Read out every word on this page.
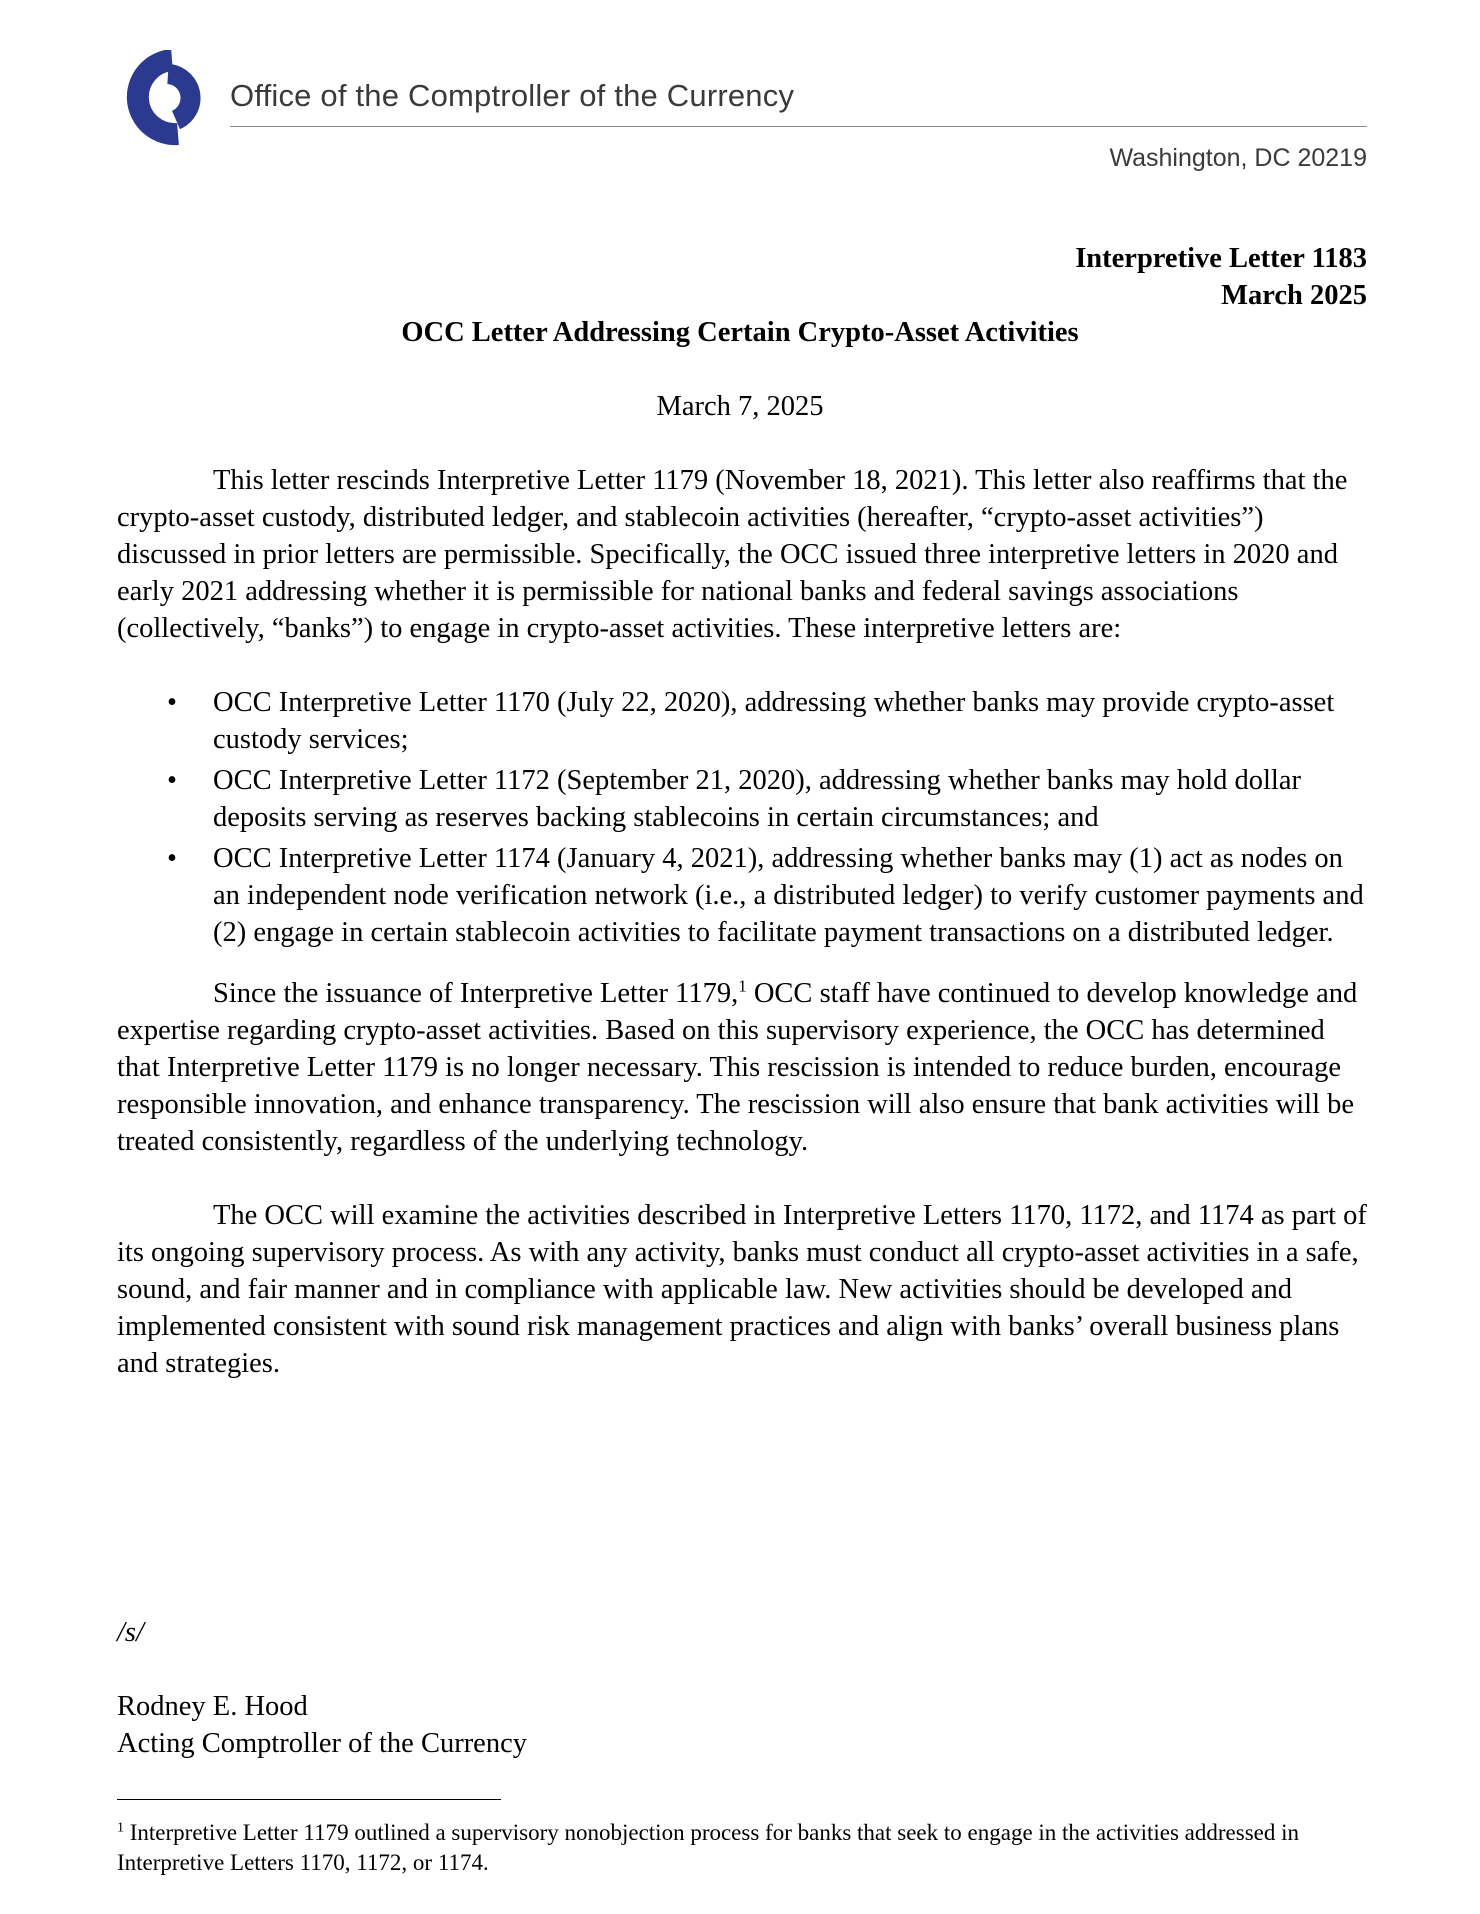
Office of the Comptroller of the Currency
Washington, DC 20219
Interpretive Letter 1183
March 2025
OCC Letter Addressing Certain Crypto-Asset Activities
March 7, 2025

This letter rescinds Interpretive Letter 1179 (November 18, 2021). This letter also reaffirms that the crypto-asset custody, distributed ledger, and stablecoin activities (hereafter, “crypto-asset activities”) discussed in prior letters are permissible. Specifically, the OCC issued three interpretive letters in 2020 and early 2021 addressing whether it is permissible for national banks and federal savings associations (collectively, “banks”) to engage in crypto-asset activities. These interpretive letters are:

• OCC Interpretive Letter 1170 (July 22, 2020), addressing whether banks may provide crypto-asset custody services;
• OCC Interpretive Letter 1172 (September 21, 2020), addressing whether banks may hold dollar deposits serving as reserves backing stablecoins in certain circumstances; and
• OCC Interpretive Letter 1174 (January 4, 2021), addressing whether banks may (1) act as nodes on an independent node verification network (i.e., a distributed ledger) to verify customer payments and (2) engage in certain stablecoin activities to facilitate payment transactions on a distributed ledger.

Since the issuance of Interpretive Letter 1179,$^1$ OCC staff have continued to develop knowledge and expertise regarding crypto-asset activities. Based on this supervisory experience, the OCC has determined that Interpretive Letter 1179 is no longer necessary. This rescission is intended to reduce burden, encourage responsible innovation, and enhance transparency. The rescission will also ensure that bank activities will be treated consistently, regardless of the underlying technology.

The OCC will examine the activities described in Interpretive Letters 1170, 1172, and 1174 as part of its ongoing supervisory process. As with any activity, banks must conduct all crypto-asset activities in a safe, sound, and fair manner and in compliance with applicable law. New activities should be developed and implemented consistent with sound risk management practices and align with banks’ overall business plans and strategies.

/s/
Rodney E. Hood
Acting Comptroller of the Currency
$^1$ Interpretive Letter 1179 outlined a supervisory nonobjection process for banks that seek to engage in the activities addressed in Interpretive Letters 1170, 1172, or 1174.
